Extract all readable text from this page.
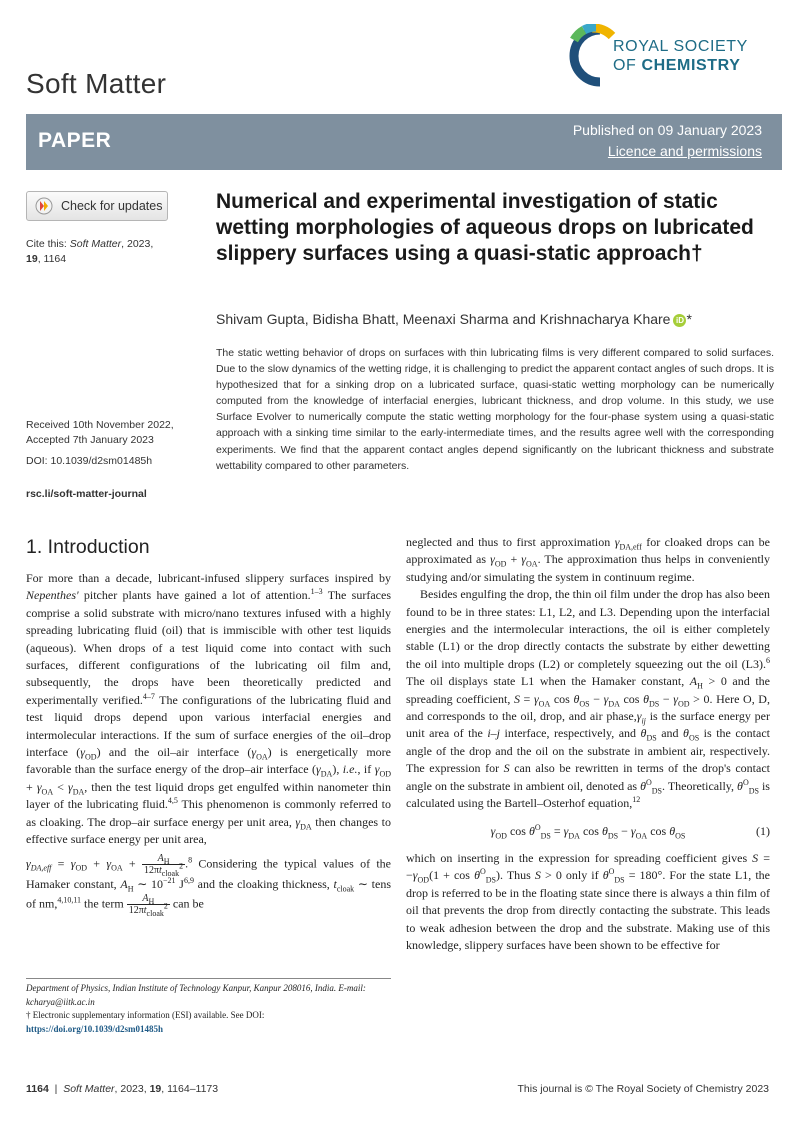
Soft Matter
ROYAL SOCIETY
OF CHEMISTRY
PAPER	Published on 09 January 2023
Licence and permissions
Check for updates
Cite this: Soft Matter, 2023,
19, 1164
Received 10th November 2022,
Accepted 7th January 2023
DOI: 10.1039/d2sm01485h
rsc.li/soft-matter-journal
Numerical and experimental investigation of static wetting morphologies of aqueous drops on lubricated slippery surfaces using a quasi-static approach†
Shivam Gupta, Bidisha Bhatt, Meenaxi Sharma and Krishnacharya Khare iD *
The static wetting behavior of drops on surfaces with thin lubricating films is very different compared to solid surfaces. Due to the slow dynamics of the wetting ridge, it is challenging to predict the apparent contact angles of such drops. It is hypothesized that for a sinking drop on a lubricated surface, quasi-static wetting morphology can be numerically computed from the knowledge of interfacial energies, lubricant thickness, and drop volume. In this study, we use Surface Evolver to numerically compute the static wetting morphology for the four-phase system using a quasi-static approach with a sinking time similar to the early-intermediate times, and the results agree well with the corresponding experiments. We find that the apparent contact angles depend significantly on the lubricant thickness and substrate wettability compared to other parameters.
1. Introduction

For more than a decade, lubricant-infused slippery surfaces inspired by Nepenthes' pitcher plants have gained a lot of attention.$^{1-3}$ The surfaces comprise a solid substrate with micro/nano textures infused with a highly spreading lubricating fluid (oil) that is immiscible with other test liquids (aqueous). When drops of a test liquid come into contact with such surfaces, different configurations of the lubricating oil film and, subsequently, the drops have been theoretically predicted and experimentally verified.$^{4-7}$ The configurations of the lubricating fluid and test liquid drops depend upon various interfacial energies and intermolecular interactions. If the sum of surface energies of the oil–drop interface $(\gamma_{OD})$ and the oil–air interface $(\gamma_{OA})$ is energetically more favorable than the surface energy of the drop–air interface $(\gamma_{DA})$, i.e., if $\gamma_{OD} + \gamma_{OA} < \gamma_{DA}$, then the test liquid drops get engulfed within nanometer thin layer of the lubricating fluid.$^{4,5}$ This phenomenon is commonly referred to as cloaking. The drop–air surface energy per unit area, $\gamma_{DA}$ then changes to effective surface energy per unit area,

$\gamma_{DA,eff} = \gamma_{OD} + \gamma_{OA} + \frac{A_H}{12\pi t_{cloak}^2} .^8$ Considering the typical values of the Hamaker constant, $A_H$ ∼ $10^{-21}$ J$^{6,9}$ and the cloaking thickness, $t_{cloak}$ ∼ tens of nm,$^{4,10,11}$ the term $\frac{A_H}{12\pi t_{cloak}^2}$ can be

neglected and thus to first approximation $\gamma_{DA,eff}$ for cloaked drops can be approximated as $\gamma_{OD} + \gamma_{OA}$. The approximation thus helps in conveniently studying and/or simulating the system in continuum regime.

Besides engulfing the drop, the thin oil film under the drop has also been found to be in three states: L1, L2, and L3. Depending upon the interfacial energies and the intermolecular interactions, the oil is either completely stable (L1) or the drop directly contacts the substrate by either dewetting the oil into multiple drops (L2) or completely squeezing out the oil (L3).$^6$ The oil displays state L1 when the Hamaker constant, $A_H > 0$ and the spreading coefficient, $S = \gamma_{OA}$ $\cos \theta_{OS} - \gamma_{DA}$ $\cos \theta_{DS} - \gamma_{OD} > 0$. Here O, D, and corresponds to the oil, drop, and air $phase,\gamma_{ij}$ is the surface energy per unit area of the i–j interface, respectively, and $\theta_{DS}$ and $\theta_{OS}$ is the contact angle of the drop and the oil on the substrate in ambient air, respectively. The expression for S can also be rewritten in terms of the drop's contact angle on the substrate in ambient oil, denoted as $\theta^O_{DS}$. Theoretically, $\theta^O_{DS}$ is calculated using the Bartell–Osterhof equation,$^{12}$

$\gamma_{OD}$ $\cos \theta^O_{DS} = \gamma_{DA}$ $\cos \theta_{DS} - \gamma_{OA}$ $\cos \theta_{OS}$	(1)

which on inserting in the expression for spreading coefficient gives $S = -\gamma_{OD}(1 + \cos \theta^O_{DS})$. Thus S > 0 only if $\theta^O_{DS} = 180^\circ$. For the state L1, the drop is referred to be in the floating state since there is always a thin film of oil that prevents the drop from directly contacting the substrate. This leads to weak adhesion between the drop and the substrate. Making use of this knowledge, slippery surfaces have been shown to be effective for

Department of Physics, Indian Institute of Technology Kanpur, Kanpur 208016, India. E-mail: kcharya@iitk.ac.in
† Electronic supplementary information (ESI) available. See DOI: https://doi.org/10.1039/d2sm01485h
1164  |  Soft Matter, 2023, 19, 1164–1173	This journal is © The Royal Society of Chemistry 2023
